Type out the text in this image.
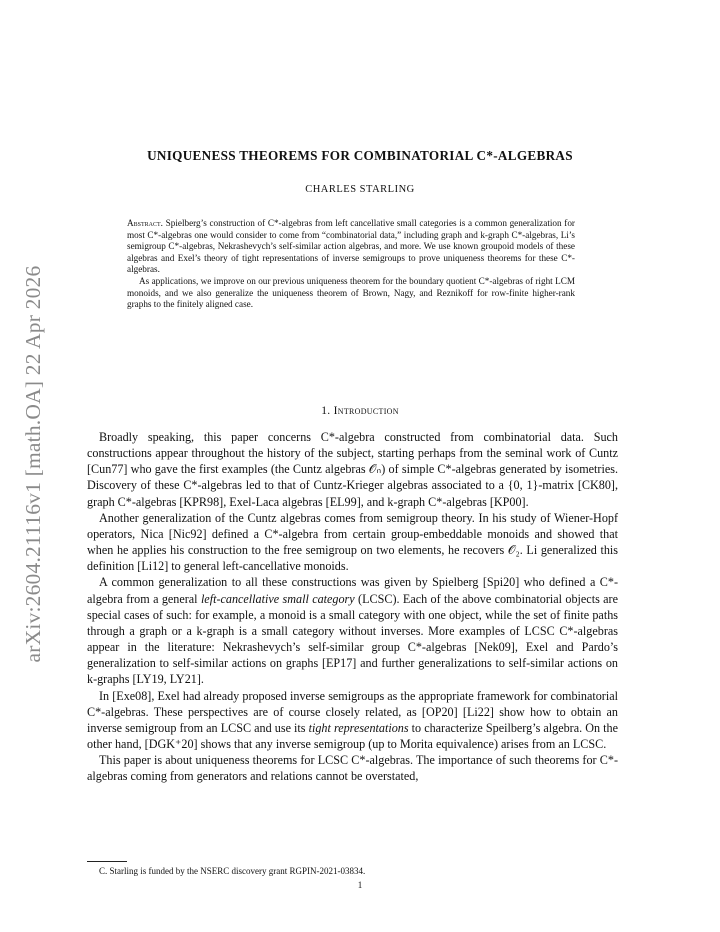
arXiv:2604.21116v1 [math.OA] 22 Apr 2026
UNIQUENESS THEOREMS FOR COMBINATORIAL C*-ALGEBRAS
CHARLES STARLING

Abstract. Spielberg’s construction of C*-algebras from left cancellative small categories is a common generalization for most C*-algebras one would consider to come from “combinatorial data,” including graph and k-graph C*-algebras, Li’s semigroup C*-algebras, Nekrashevych’s self-similar action algebras, and more. We use known groupoid models of these algebras and Exel’s theory of tight representations of inverse semigroups to prove uniqueness theorems for these C*-algebras.

As applications, we improve on our previous uniqueness theorem for the boundary quotient C*-algebras of right LCM monoids, and we also generalize the uniqueness theorem of Brown, Nagy, and Reznikoff for row-finite higher-rank graphs to the finitely aligned case.

1. Introduction

Broadly speaking, this paper concerns C*-algebra constructed from combinatorial data. Such constructions appear throughout the history of the subject, starting perhaps from the seminal work of Cuntz [Cun77] who gave the first examples (the Cuntz algebras 𝒪ₙ) of simple C*-algebras generated by isometries. Discovery of these C*-algebras led to that of Cuntz-Krieger algebras associated to a {0, 1}-matrix [CK80], graph C*-algebras [KPR98], Exel-Laca algebras [EL99], and k-graph C*-algebras [KP00].

Another generalization of the Cuntz algebras comes from semigroup theory. In his study of Wiener-Hopf operators, Nica [Nic92] defined a C*-algebra from certain group-embeddable monoids and showed that when he applies his construction to the free semigroup on two elements, he recovers 𝒪₂. Li generalized this definition [Li12] to general left-cancellative monoids.

A common generalization to all these constructions was given by Spielberg [Spi20] who defined a C*-algebra from a general left-cancellative small category (LCSC). Each of the above combinatorial objects are special cases of such: for example, a monoid is a small category with one object, while the set of finite paths through a graph or a k-graph is a small category without inverses. More examples of LCSC C*-algebras appear in the literature: Nekrashevych’s self-similar group C*-algebras [Nek09], Exel and Pardo’s generalization to self-similar actions on graphs [EP17] and further generalizations to self-similar actions on k-graphs [LY19, LY21].

In [Exe08], Exel had already proposed inverse semigroups as the appropriate framework for combinatorial C*-algebras. These perspectives are of course closely related, as [OP20] [Li22] show how to obtain an inverse semigroup from an LCSC and use its tight representations to characterize Speilberg’s algebra. On the other hand, [DGK⁺20] shows that any inverse semigroup (up to Morita equivalence) arises from an LCSC.

This paper is about uniqueness theorems for LCSC C*-algebras. The importance of such theorems for C*-algebras coming from generators and relations cannot be overstated,

C. Starling is funded by the NSERC discovery grant RGPIN-2021-03834.
1
